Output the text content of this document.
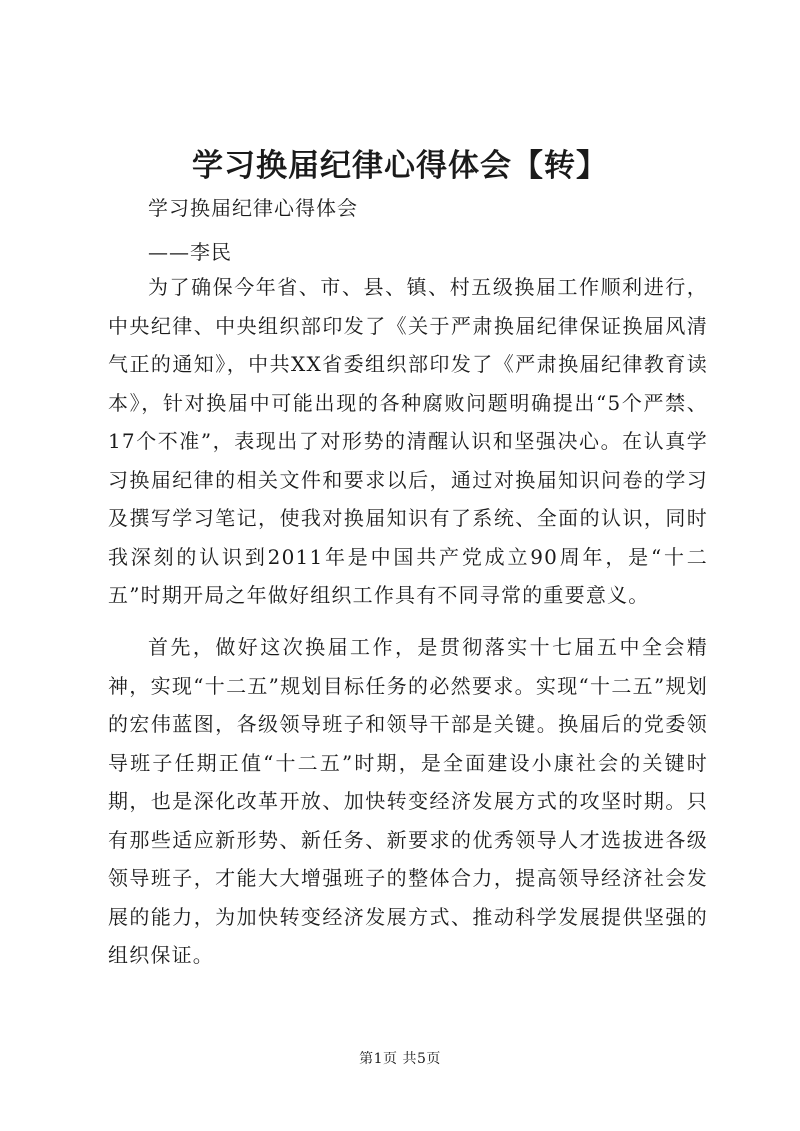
学习换届纪律心得体会【转】
学习换届纪律心得体会
——李民

为了确保今年省、市、县、镇、村五级换届工作顺利进行，中央纪律、中央组织部印发了《关于严肃换届纪律保证换届风清气正的通知》，中共XX省委组织部印发了《严肃换届纪律教育读本》，针对换届中可能出现的各种腐败问题明确提出“5个严禁、17个不准”，表现出了对形势的清醒认识和坚强决心。在认真学习换届纪律的相关文件和要求以后，通过对换届知识问卷的学习及撰写学习笔记，使我对换届知识有了系统、全面的认识，同时我深刻的认识到2011年是中国共产党成立90周年，是“十二五”时期开局之年做好组织工作具有不同寻常的重要意义。

首先，做好这次换届工作，是贯彻落实十七届五中全会精神，实现“十二五”规划目标任务的必然要求。实现“十二五”规划的宏伟蓝图，各级领导班子和领导干部是关键。换届后的党委领导班子任期正值“十二五”时期，是全面建设小康社会的关键时期，也是深化改革开放、加快转变经济发展方式的攻坚时期。只有那些适应新形势、新任务、新要求的优秀领导人才选拔进各级领导班子，才能大大增强班子的整体合力，提高领导经济社会发展的能力，为加快转变经济发展方式、推动科学发展提供坚强的组织保证。

第1页 共5页
